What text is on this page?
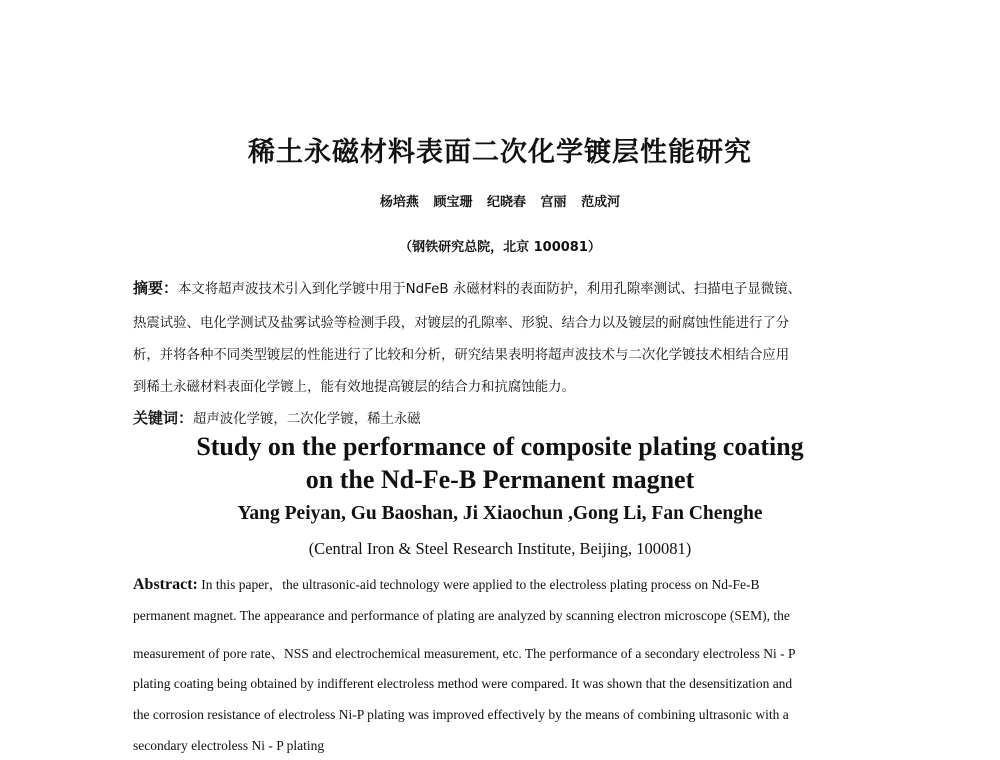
稀土永磁材料表面二次化学镀层性能研究
杨培燕 顾宝珊 纪晓春 宫丽 范成河
（钢铁研究总院，北京 100081）
摘要：本文将超声波技术引入到化学镀中用于NdFeB 永磁材料的表面防护，利用孔隙率测试、扫描电子显微镜、
热震试验、电化学测试及盐雾试验等检测手段，对镀层的孔隙率、形貌、结合力以及镀层的耐腐蚀性能进行了分
析，并将各种不同类型镀层的性能进行了比较和分析，研究结果表明将超声波技术与二次化学镀技术相结合应用
到稀土永磁材料表面化学镀上，能有效地提高镀层的结合力和抗腐蚀能力。
关键词：超声波化学镀，二次化学镀，稀土永磁
Study on the performance of composite plating coating
on the Nd-Fe-B Permanent magnet
Yang Peiyan, Gu Baoshan, Ji Xiaochun ,Gong Li, Fan Chenghe
(Central Iron & Steel Research Institute, Beijing, 100081)
Abstract: In this paper，the ultrasonic-aid technology were applied to the electroless plating process on Nd-Fe-B
permanent magnet. The appearance and performance of plating are analyzed by scanning electron microscope (SEM), the
measurement of pore rate、NSS and electrochemical measurement, etc. The performance of a secondary electroless Ni - P
plating coating being obtained by indifferent electroless method were compared. It was shown that the desensitization and
the corrosion resistance of electroless Ni-P plating was improved effectively by the means of combining ultrasonic with a
secondary electroless Ni - P plating
